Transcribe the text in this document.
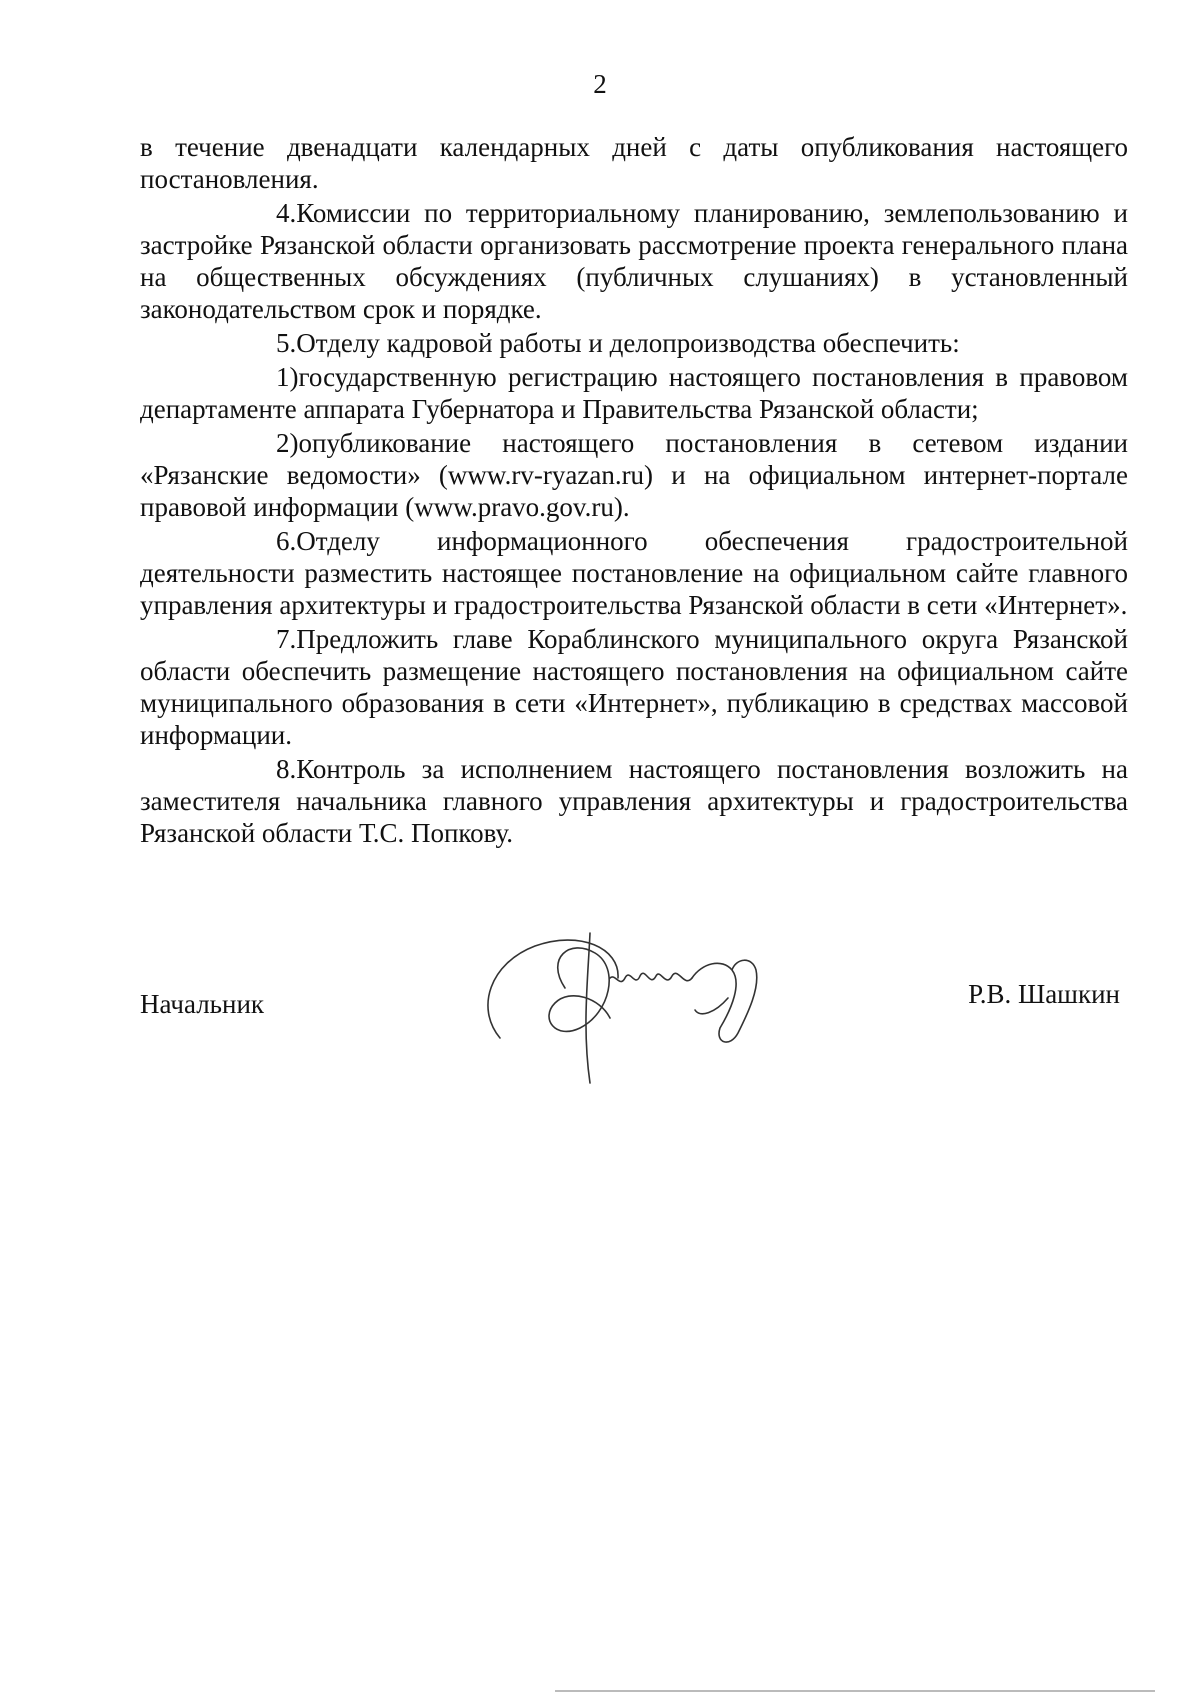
2

в течение двенадцати календарных дней с даты опубликования настоящего постановления.

4.Комиссии по территориальному планированию, землепользованию и застройке Рязанской области организовать рассмотрение проекта генерального плана на общественных обсуждениях (публичных слушаниях) в установленный законодательством срок и порядке.

5.Отделу кадровой работы и делопроизводства обеспечить:

1)государственную регистрацию настоящего постановления в правовом департаменте аппарата Губернатора и Правительства Рязанской области;

2)опубликование настоящего постановления в сетевом издании «Рязанские ведомости» (www.rv-ryazan.ru) и на официальном интернет-портале правовой информации (www.pravo.gov.ru).

6.Отделу информационного обеспечения градостроительной деятельности разместить настоящее постановление на официальном сайте главного управления архитектуры и градостроительства Рязанской области в сети «Интернет».

7.Предложить главе Кораблинского муниципального округа Рязанской области обеспечить размещение настоящего постановления на официальном сайте муниципального образования в сети «Интернет», публикацию в средствах массовой информации.

8.Контроль за исполнением настоящего постановления возложить на заместителя начальника главного управления архитектуры и градостроительства Рязанской области Т.С. Попкову.

Начальник	Р.В. Шашкин
